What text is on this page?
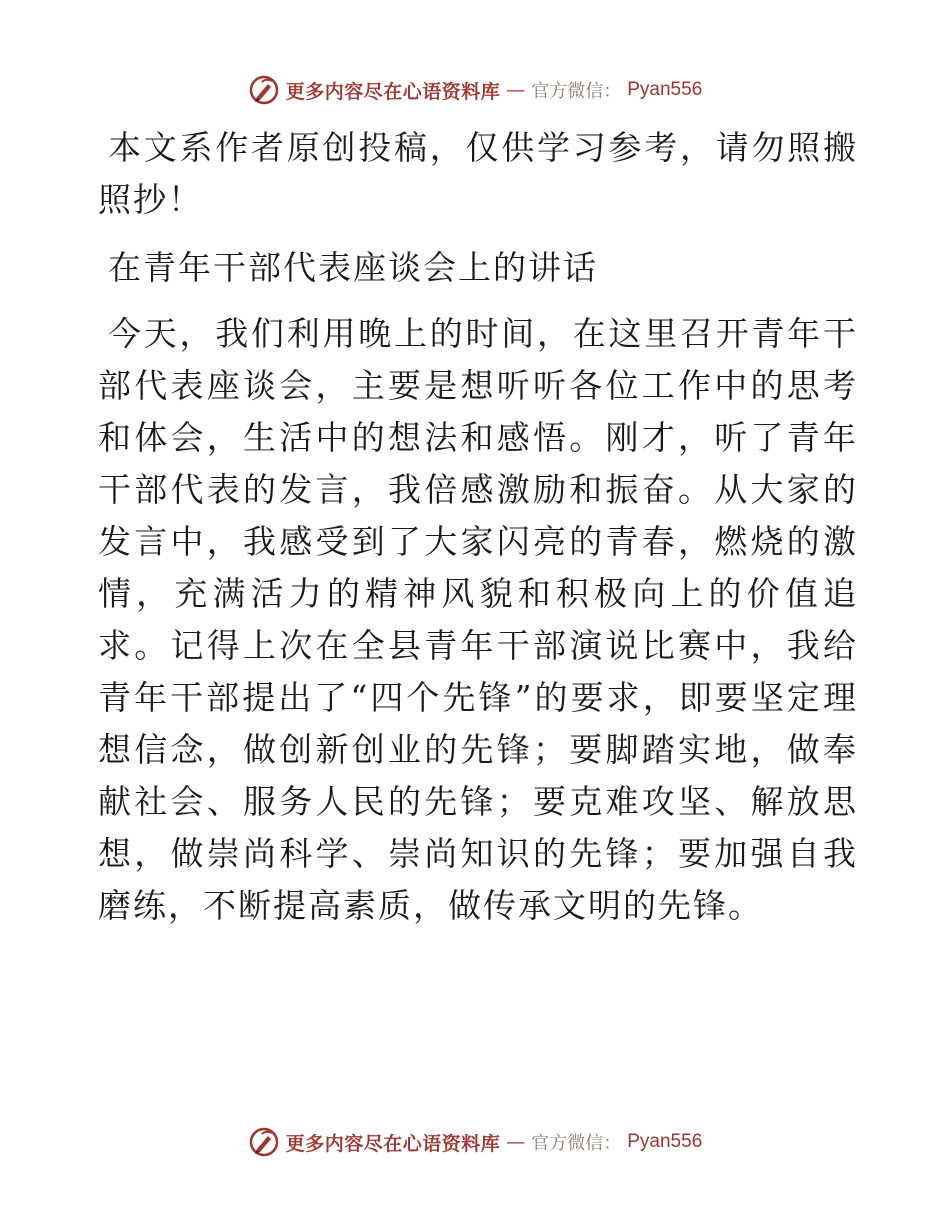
更多内容尽在心语资料库 — 官方微信： Pyan556

本文系作者原创投稿，仅供学习参考，请勿照搬照抄！

在青年干部代表座谈会上的讲话

今天，我们利用晚上的时间，在这里召开青年干部代表座谈会，主要是想听听各位工作中的思考和体会，生活中的想法和感悟。刚才，听了青年干部代表的发言，我倍感激励和振奋。从大家的发言中，我感受到了大家闪亮的青春，燃烧的激情，充满活力的精神风貌和积极向上的价值追求。记得上次在全县青年干部演说比赛中，我给青年干部提出了“四个先锋”的要求，即要坚定理想信念，做创新创业的先锋；要脚踏实地，做奉献社会、服务人民的先锋；要克难攻坚、解放思想，做崇尚科学、崇尚知识的先锋；要加强自我磨练，不断提高素质，做传承文明的先锋。

更多内容尽在心语资料库 — 官方微信： Pyan556
